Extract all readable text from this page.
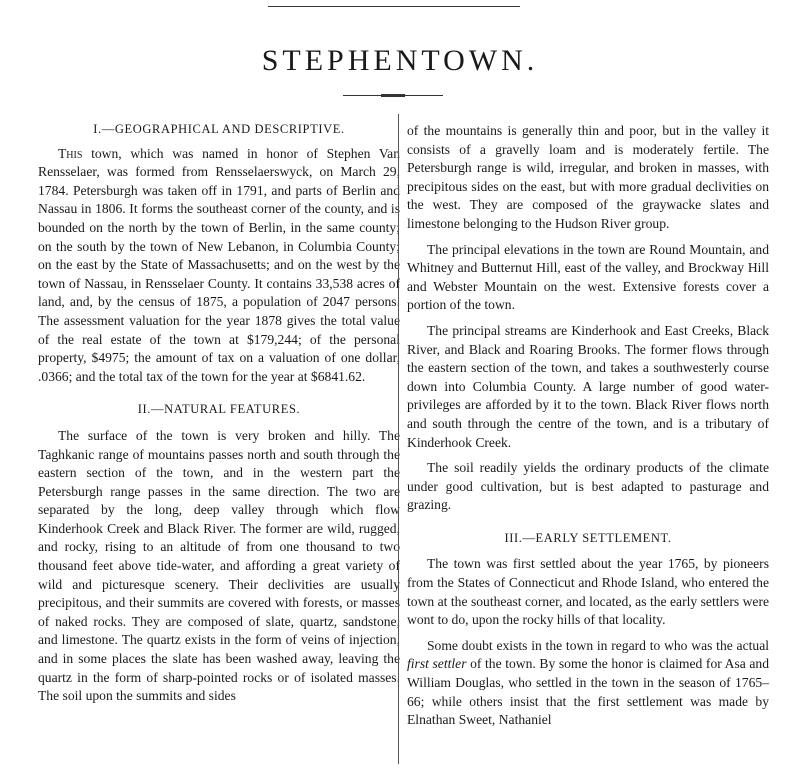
STEPHENTOWN.
I.—GEOGRAPHICAL AND DESCRIPTIVE.

This town, which was named in honor of Stephen Van Rensselaer, was formed from Rensselaerswyck, on March 29, 1784. Petersburgh was taken off in 1791, and parts of Berlin and Nassau in 1806. It forms the southeast corner of the county, and is bounded on the north by the town of Berlin, in the same county; on the south by the town of New Lebanon, in Columbia County; on the east by the State of Massachusetts; and on the west by the town of Nassau, in Rensselaer County. It contains 33,538 acres of land, and, by the census of 1875, a population of 2047 persons. The assessment valuation for the year 1878 gives the total value of the real estate of the town at $179,244; of the personal property, $4975; the amount of tax on a valuation of one dollar, .0366; and the total tax of the town for the year at $6841.62.

II.—NATURAL FEATURES.

The surface of the town is very broken and hilly. The Taghkanic range of mountains passes north and south through the eastern section of the town, and in the western part the Petersburgh range passes in the same direction. The two are separated by the long, deep valley through which flow Kinderhook Creek and Black River. The former are wild, rugged, and rocky, rising to an altitude of from one thousand to two thousand feet above tide-water, and affording a great variety of wild and picturesque scenery. Their declivities are usually precipitous, and their summits are covered with forests, or masses of naked rocks. They are composed of slate, quartz, sandstone, and limestone. The quartz exists in the form of veins of injection, and in some places the slate has been washed away, leaving the quartz in the form of sharp-pointed rocks or of isolated masses. The soil upon the summits and sides

of the mountains is generally thin and poor, but in the valley it consists of a gravelly loam and is moderately fertile. The Petersburgh range is wild, irregular, and broken in masses, with precipitous sides on the east, but with more gradual declivities on the west. They are composed of the graywacke slates and limestone belonging to the Hudson River group.

The principal elevations in the town are Round Mountain, and Whitney and Butternut Hill, east of the valley, and Brockway Hill and Webster Mountain on the west. Extensive forests cover a portion of the town.

The principal streams are Kinderhook and East Creeks, Black River, and Black and Roaring Brooks. The former flows through the eastern section of the town, and takes a southwesterly course down into Columbia County. A large number of good water-privileges are afforded by it to the town. Black River flows north and south through the centre of the town, and is a tributary of Kinderhook Creek.

The soil readily yields the ordinary products of the climate under good cultivation, but is best adapted to pasturage and grazing.

III.—EARLY SETTLEMENT.

The town was first settled about the year 1765, by pioneers from the States of Connecticut and Rhode Island, who entered the town at the southeast corner, and located, as the early settlers were wont to do, upon the rocky hills of that locality.

Some doubt exists in the town in regard to who was the actual first settler of the town. By some the honor is claimed for Asa and William Douglas, who settled in the town in the season of 1765–66; while others insist that the first settlement was made by Elnathan Sweet, Nathaniel
